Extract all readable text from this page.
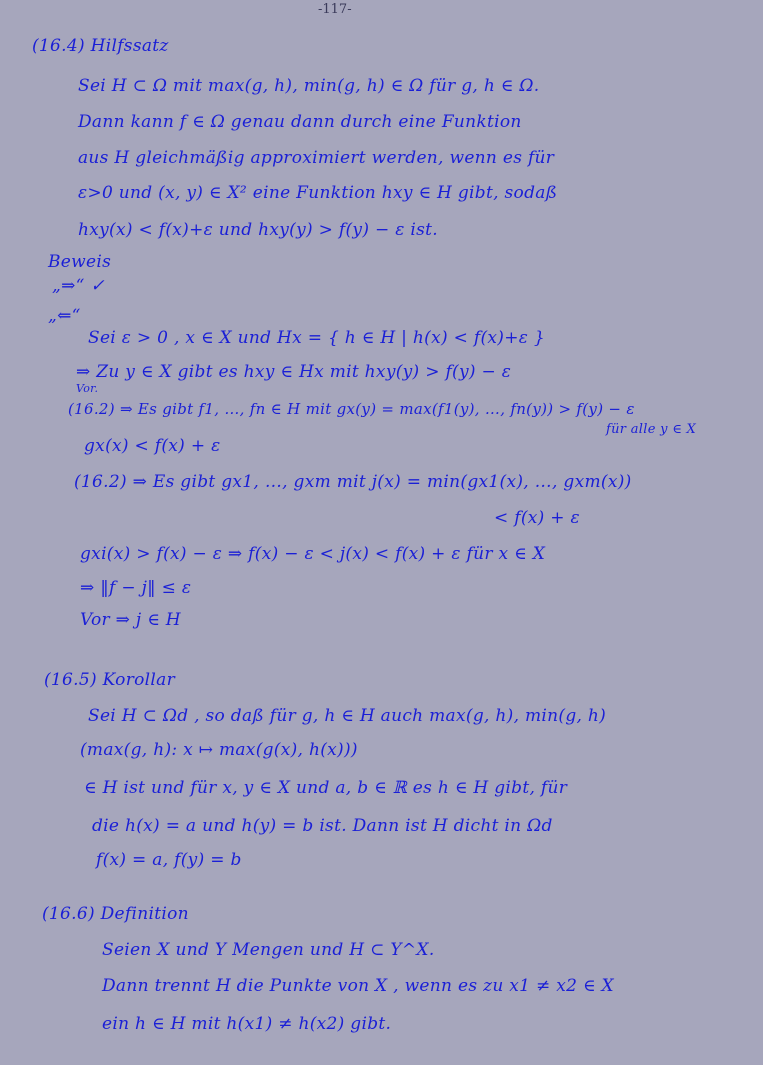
-117-
(16.4) Hilfssatz
Sei H ⊂ Ω mit max(g, h), min(g, h) ∈ Ω für g, h ∈ Ω.
Dann kann f ∈ Ω genau dann durch eine Funktion
aus H gleichmäßig approximiert werden, wenn es für
ε>0 und (x, y) ∈ X² eine Funktion hxy ∈ H gibt, sodaß
hxy(x) < f(x)+ε und hxy(y) > f(y) − ε ist.
Beweis
„⇒“ ✓
„⇐“
Sei ε > 0 , x ∈ X und Hx = { h ∈ H | h(x) < f(x)+ε }
⇒ Zu y ∈ X gibt es hxy ∈ Hx mit hxy(y) > f(y) − ε
Vor.
(16.2) ⇒ Es gibt f1, …, fn ∈ H mit gx(y) = max(f1(y), …, fn(y)) > f(y) − ε
für alle y ∈ X
gx(x) < f(x) + ε
(16.2) ⇒ Es gibt gx1, …, gxm mit j(x) = min(gx1(x), …, gxm(x))
< f(x) + ε
gxi(x) > f(x) − ε ⇒ f(x) − ε < j(x) < f(x) + ε für x ∈ X
⇒ ‖f − j‖ ≤ ε
Vor ⇒ j ∈ H
(16.5) Korollar
Sei H ⊂ Ωd , so daß für g, h ∈ H auch max(g, h), min(g, h)
(max(g, h): x ↦ max(g(x), h(x)))
∈ H ist und für x, y ∈ X und a, b ∈ ℝ es h ∈ H gibt, für
die h(x) = a und h(y) = b ist. Dann ist H dicht in Ωd
f(x) = a, f(y) = b
(16.6) Definition
Seien X und Y Mengen und H ⊂ Y^X.
Dann trennt H die Punkte von X , wenn es zu x1 ≠ x2 ∈ X
ein h ∈ H mit h(x1) ≠ h(x2) gibt.
